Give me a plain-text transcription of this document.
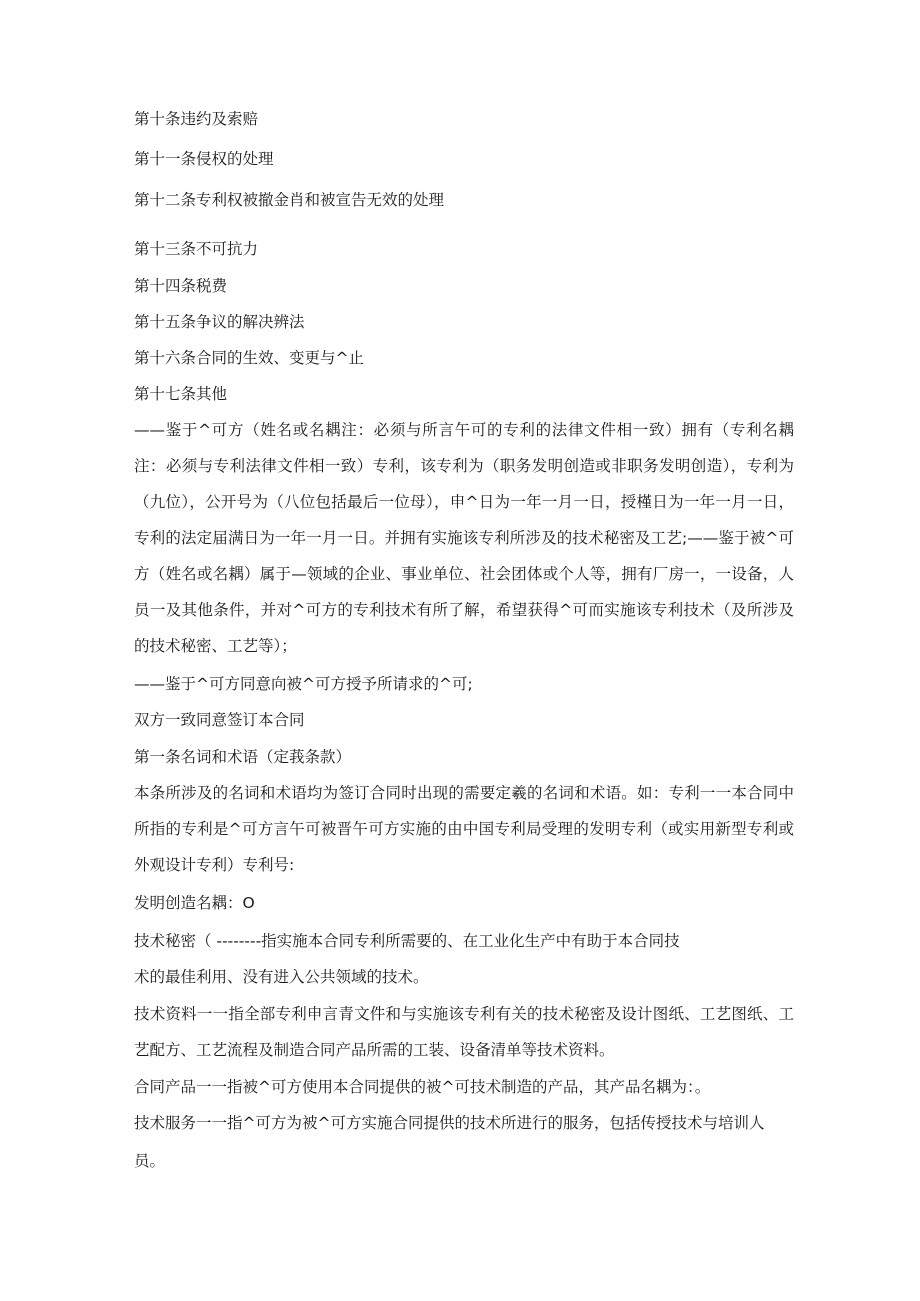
第十条违约及索赔
第十一条侵权的处理
第十二条专利权被撤金肖和被宣告无效的处理
第十三条不可抗力
第十四条税费
第十五条争议的解决辨法
第十六条合同的生效、变更与^止
第十七条其他
——鉴于^可方（姓名或名耦注：必须与所言午可的专利的法律文件相一致）拥有（专利名耦注：必须与专利法律文件相一致）专利，该专利为（职务发明创造或非职务发明创造），专利为（九位），公开号为（八位包括最后一位母），申^日为一年一月一日，授槿日为一年一月一日，专利的法定届满日为一年一月一日。并拥有实施该专利所涉及的技术秘密及工艺;——鉴于被^可方（姓名或名耦）属于—领域的企业、事业单位、社会团体或个人等，拥有厂房一，一设备，人员一及其他条件，并对^可方的专利技术有所了解，希望获得^可而实施该专利技术（及所涉及的技术秘密、工艺等）；
——鉴于^可方同意向被^可方授予所请求的^可;
双方一致同意签订本合同
第一条名词和术语（定莪条款）
本条所涉及的名词和术语均为签订合同时出现的需要定羲的名词和术语。如：专利一一本合同中所指的专利是^可方言午可被晋午可方实施的由中国专利局受理的发明专利（或实用新型专利或外观设计专利）专利号:
发明创造名耦：O
技术秘密（ --------指实施本合同专利所需要的、在工业化生产中有助于本合同技
术的最佳利用、没有进入公共领域的技术。
技术资料一一指全部专利申言青文件和与实施该专利有关的技术秘密及设计图纸、工艺图纸、工艺配方、工艺流程及制造合同产品所需的工装、设备清单等技术资料。
合同产品一一指被^可方使用本合同提供的被^可技术制造的产品，其产品名耦为：。
技术服务一一指^可方为被^可方实施合同提供的技术所进行的服务，包括传授技术与培训人
员。
